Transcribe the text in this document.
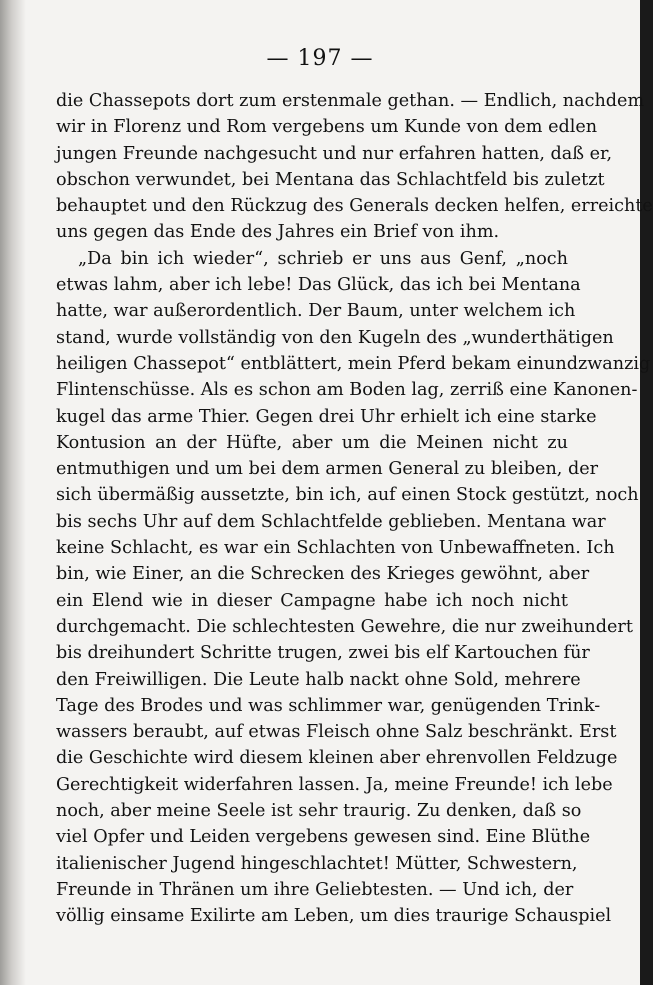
— 197 —
die Chassepots dort zum erstenmale gethan. — Endlich, nachdem
wir in Florenz und Rom vergebens um Kunde von dem edlen
jungen Freunde nachgesucht und nur erfahren hatten, daß er,
obschon verwundet, bei Mentana das Schlachtfeld bis zuletzt
behauptet und den Rückzug des Generals decken helfen, erreichte
uns gegen das Ende des Jahres ein Brief von ihm.
„Da bin ich wieder“, schrieb er uns aus Genf, „noch
etwas lahm, aber ich lebe! Das Glück, das ich bei Mentana
hatte, war außerordentlich. Der Baum, unter welchem ich
stand, wurde vollständig von den Kugeln des „wunderthätigen
heiligen Chassepot“ entblättert, mein Pferd bekam einundzwanzig
Flintenschüsse. Als es schon am Boden lag, zerriß eine Kanonen-
kugel das arme Thier. Gegen drei Uhr erhielt ich eine starke
Kontusion an der Hüfte, aber um die Meinen nicht zu
entmuthigen und um bei dem armen General zu bleiben, der
sich übermäßig aussetzte, bin ich, auf einen Stock gestützt, noch
bis sechs Uhr auf dem Schlachtfelde geblieben. Mentana war
keine Schlacht, es war ein Schlachten von Unbewaffneten. Ich
bin, wie Einer, an die Schrecken des Krieges gewöhnt, aber
ein Elend wie in dieser Campagne habe ich noch nicht
durchgemacht. Die schlechtesten Gewehre, die nur zweihundert
bis dreihundert Schritte trugen, zwei bis elf Kartouchen für
den Freiwilligen. Die Leute halb nackt ohne Sold, mehrere
Tage des Brodes und was schlimmer war, genügenden Trink-
wassers beraubt, auf etwas Fleisch ohne Salz beschränkt. Erst
die Geschichte wird diesem kleinen aber ehrenvollen Feldzuge
Gerechtigkeit widerfahren lassen. Ja, meine Freunde! ich lebe
noch, aber meine Seele ist sehr traurig. Zu denken, daß so
viel Opfer und Leiden vergebens gewesen sind. Eine Blüthe
italienischer Jugend hingeschlachtet! Mütter, Schwestern,
Freunde in Thränen um ihre Geliebtesten. — Und ich, der
völlig einsame Exilirte am Leben, um dies traurige Schauspiel
